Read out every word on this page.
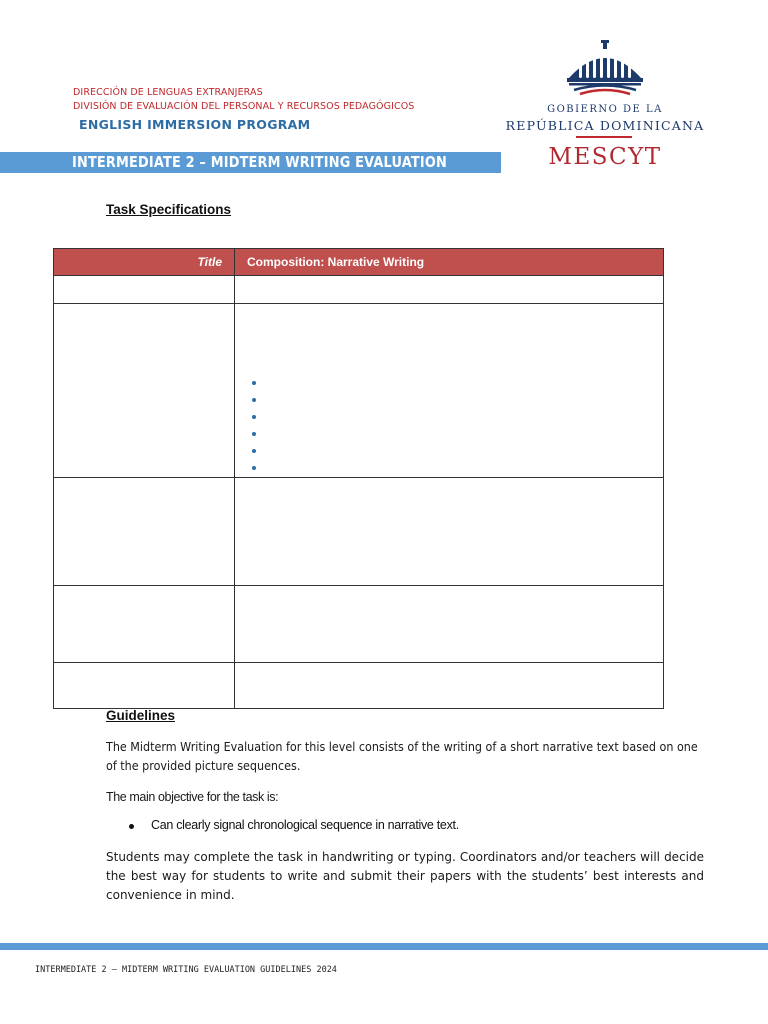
DIRECCIÓN DE LENGUAS EXTRANJERAS
DIVISIÓN DE EVALUACIÓN DEL PERSONAL Y RECURSOS PEDAGÓGICOS
ENGLISH IMMERSION PROGRAM
INTERMEDIATE 2 – MIDTERM WRITING EVALUATION
GOBIERNO DE LA
REPÚBLICA DOMINICANA
MESCYT
Task Specifications
Title	Composition: Narrative Writing

Guidelines
The Midterm Writing Evaluation for this level consists of the writing of a short narrative text based on one of the provided picture sequences.
The main objective for the task is:
Can clearly signal chronological sequence in narrative text.
Students may complete the task in handwriting or typing. Coordinators and/or teachers will decide the best way for students to write and submit their papers with the students’ best interests and convenience in mind.
INTERMEDIATE 2 – MIDTERM WRITING EVALUATION GUIDELINES 2024
